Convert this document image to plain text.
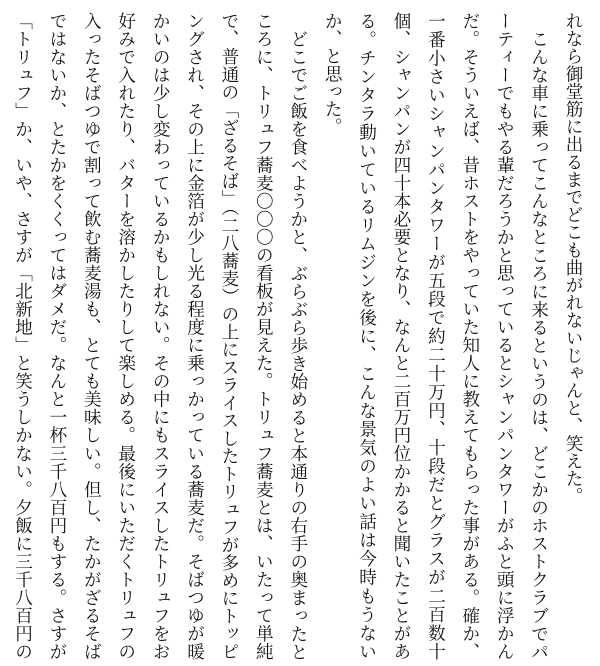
れなら御堂筋に出るまでどこも曲がれないじゃんと、笑えた。

こんな車に乗ってこんなところに来るというのは、どこかのホストクラブでパーティーでもやる輩だろうかと思っているとシャンパンタワーがふと頭に浮かんだ。そういえば、昔ホストをやっていた知人に教えてもらった事がある。確か、一番小さいシャンパンタワーが五段で約二十万円、十段だとグラスが二百数十個、シャンパンが四十本必要となり、なんと二百万円位かかると聞いたことがある。チンタラ動いているリムジンを後に、こんな景気のよい話は今時もうないか、と思った。

どこでご飯を食べようかと、ぶらぶら歩き始めると本通りの右手の奥まったところに、トリュフ蕎麦〇〇〇の看板が見えた。トリュフ蕎麦とは、いたって単純で、普通の「ざるそば」（二八蕎麦）の上にスライスしたトリュフが多めにトッピングされ、その上に金箔が少し光る程度に乗っかっている蕎麦だ。そばつゆが暖かいのは少し変わっているかもしれない。その中にもスライスしたトリュフをお好みで入れたり、バターを溶かしたりして楽しめる。最後にいただくトリュフの入ったそばつゆで割って飲む蕎麦湯も、とても美味しい。但し、たかがざるそばではないか、とたかをくくってはダメだ。なんと一杯三千八百円もする。さすが「トリュフ」か、いや、さすが「北新地」と笑うしかない。夕飯に三千八百円の
